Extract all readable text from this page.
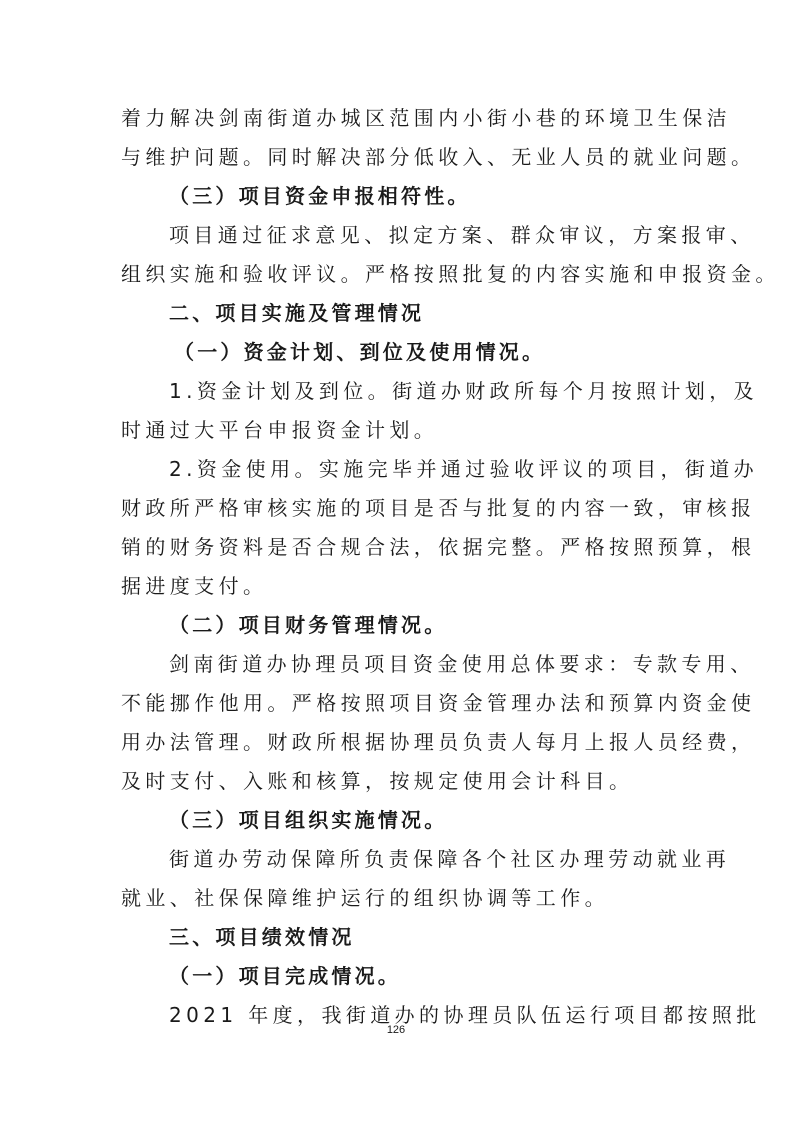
着力解决剑南街道办城区范围内小街小巷的环境卫生保洁
与维护问题。同时解决部分低收入、无业人员的就业问题。
（三）项目资金申报相符性。
项目通过征求意见、拟定方案、群众审议，方案报审、
组织实施和验收评议。严格按照批复的内容实施和申报资金。
二、项目实施及管理情况
（一）资金计划、到位及使用情况。
1.资金计划及到位。街道办财政所每个月按照计划，及
时通过大平台申报资金计划。
2.资金使用。实施完毕并通过验收评议的项目，街道办
财政所严格审核实施的项目是否与批复的内容一致，审核报
销的财务资料是否合规合法，依据完整。严格按照预算，根
据进度支付。
（二）项目财务管理情况。
剑南街道办协理员项目资金使用总体要求：专款专用、
不能挪作他用。严格按照项目资金管理办法和预算内资金使
用办法管理。财政所根据协理员负责人每月上报人员经费，
及时支付、入账和核算，按规定使用会计科目。
（三）项目组织实施情况。
街道办劳动保障所负责保障各个社区办理劳动就业再
就业、社保保障维护运行的组织协调等工作。
三、项目绩效情况
（一）项目完成情况。
2021 年度，我街道办的协理员队伍运行项目都按照批
126
